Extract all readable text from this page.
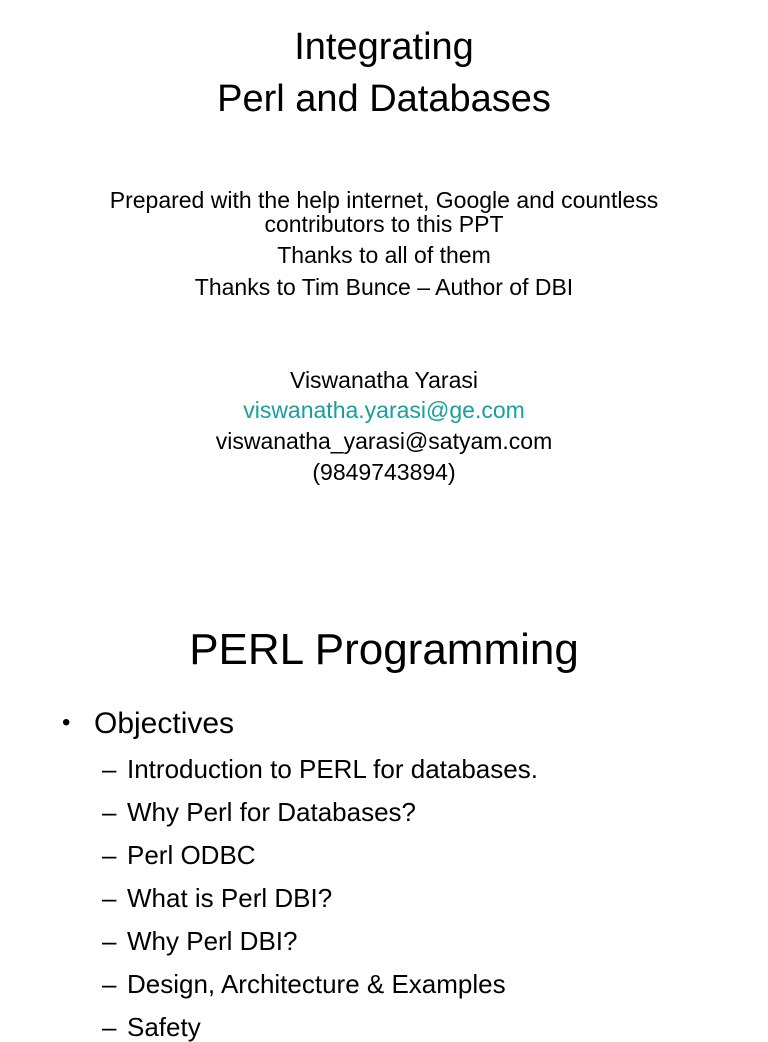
Integrating
Perl and Databases
Prepared with the help internet, Google and countless
contributors to this PPT
Thanks to all of them
Thanks to Tim Bunce – Author of DBI
Viswanatha Yarasi
viswanatha.yarasi@ge.com
viswanatha_yarasi@satyam.com
(9849743894)
PERL Programming
• Objectives
– Introduction to PERL for databases.
– Why Perl for Databases?
– Perl ODBC
– What is Perl DBI?
– Why Perl DBI?
– Design, Architecture & Examples
– Safety
